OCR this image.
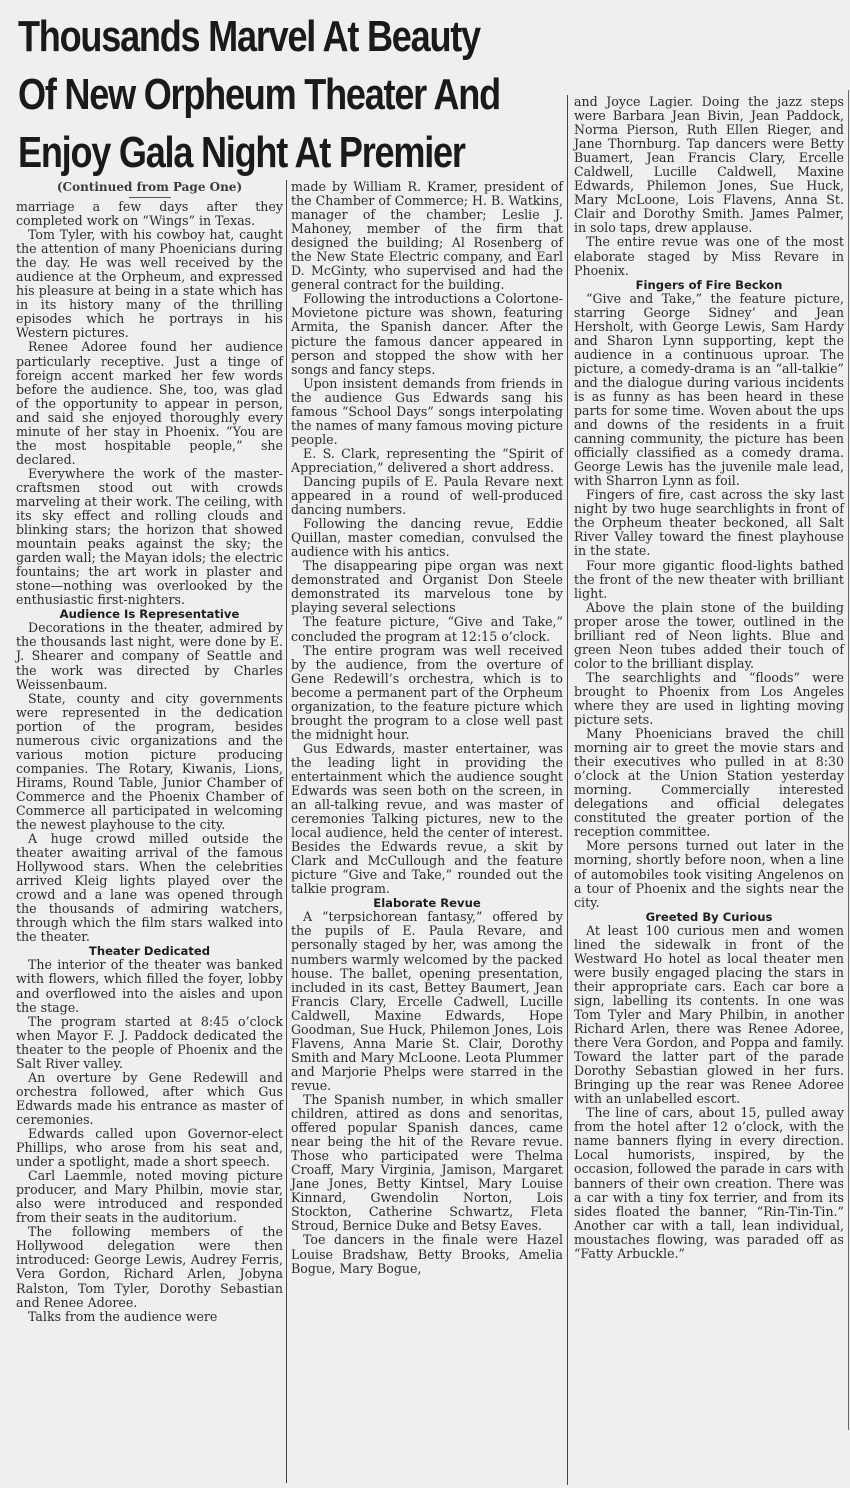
Thousands Marvel At Beauty
Of New Orpheum Theater And
Enjoy Gala Night At Premier
(Continued from Page One)

marriage a few days after they completed work on “Wings” in Texas.

Tom Tyler, with his cowboy hat, caught the attention of many Phoenicians during the day. He was well received by the audience at the Orpheum, and expressed his pleasure at being in a state which has in its history many of the thrilling episodes which he portrays in his Western pictures.

Renee Adoree found her audience particularly receptive. Just a tinge of foreign accent marked her few words before the audience. She, too, was glad of the opportunity to appear in person, and said she enjoyed thoroughly every minute of her stay in Phoenix. “You are the most hospitable people,” she declared.

Everywhere the work of the master-craftsmen stood out with crowds marveling at their work. The ceiling, with its sky effect and rolling clouds and blinking stars; the horizon that showed mountain peaks against the sky; the garden wall; the Mayan idols; the electric fountains; the art work in plaster and stone—nothing was overlooked by the enthusiastic first-nighters.

Audience Is Representative

Decorations in the theater, admired by the thousands last night, were done by E. J. Shearer and company of Seattle and the work was directed by Charles Weissenbaum.

State, county and city governments were represented in the dedication portion of the program, besides numerous civic organizations and the various motion picture producing companies. The Rotary, Kiwanis, Lions, Hirams, Round Table, Junior Chamber of Commerce and the Phoenix Chamber of Commerce all participated in welcoming the newest playhouse to the city.

A huge crowd milled outside the theater awaiting arrival of the famous Hollywood stars. When the celebrities arrived Kleig lights played over the crowd and a lane was opened through the thousands of admiring watchers, through which the film stars walked into the theater.

Theater Dedicated

The interior of the theater was banked with flowers, which filled the foyer, lobby and overflowed into the aisles and upon the stage.

The program started at 8:45 o’clock when Mayor F. J. Paddock dedicated the theater to the people of Phoenix and the Salt River valley.

An overture by Gene Redewill and orchestra followed, after which Gus Edwards made his entrance as master of ceremonies.

Edwards called upon Governor-elect Phillips, who arose from his seat and, under a spotlight, made a short speech.

Carl Laemmle, noted moving picture producer, and Mary Philbin, movie star, also were introduced and responded from their seats in the auditorium.

The following members of the Hollywood delegation were then introduced: George Lewis, Audrey Ferris, Vera Gordon, Richard Arlen, Jobyna Ralston, Tom Tyler, Dorothy Sebastian and Renee Adoree.

Talks from the audience were

made by William R. Kramer, president of the Chamber of Commerce; H. B. Watkins, manager of the chamber; Leslie J. Mahoney, member of the firm that designed the building; Al Rosenberg of the New State Electric company, and Earl D. McGinty, who supervised and had the general contract for the building.

Following the introductions a Colortone-Movietone picture was shown, featuring Armita, the Spanish dancer. After the picture the famous dancer appeared in person and stopped the show with her songs and fancy steps.

Upon insistent demands from friends in the audience Gus Edwards sang his famous “School Days” songs interpolating the names of many famous moving picture people.

E. S. Clark, representing the “Spirit of Appreciation,” delivered a short address.

Dancing pupils of E. Paula Revare next appeared in a round of well-produced dancing numbers.

Following the dancing revue, Eddie Quillan, master comedian, convulsed the audience with his antics.

The disappearing pipe organ was next demonstrated and Organist Don Steele demonstrated its marvelous tone by playing several selections

The feature picture, “Give and Take,” concluded the program at 12:15 o’clock.

The entire program was well received by the audience, from the overture of Gene Redewill’s orchestra, which is to become a permanent part of the Orpheum organization, to the feature picture which brought the program to a close well past the midnight hour.

Gus Edwards, master entertainer, was the leading light in providing the entertainment which the audience sought Edwards was seen both on the screen, in an all-talking revue, and was master of ceremonies Talking pictures, new to the local audience, held the center of interest. Besides the Edwards revue, a skit by Clark and McCullough and the feature picture “Give and Take,” rounded out the talkie program.

Elaborate Revue

A “terpsichorean fantasy,” offered by the pupils of E. Paula Revare, and personally staged by her, was among the numbers warmly welcomed by the packed house. The ballet, opening presentation, included in its cast, Bettey Baumert, Jean Francis Clary, Ercelle Cadwell, Lucille Caldwell, Maxine Edwards, Hope Goodman, Sue Huck, Philemon Jones, Lois Flavens, Anna Marie St. Clair, Dorothy Smith and Mary McLoone. Leota Plummer and Marjorie Phelps were starred in the revue.

The Spanish number, in which smaller children, attired as dons and senoritas, offered popular Spanish dances, came near being the hit of the Revare revue. Those who participated were Thelma Croaff, Mary Virginia, Jamison, Margaret Jane Jones, Betty Kintsel, Mary Louise Kinnard, Gwendolin Norton, Lois Stockton, Catherine Schwartz, Fleta Stroud, Bernice Duke and Betsy Eaves.

Toe dancers in the finale were Hazel Louise Bradshaw, Betty Brooks, Amelia Bogue, Mary Bogue,

and Joyce Lagier. Doing the jazz steps were Barbara Jean Bivin, Jean Paddock, Norma Pierson, Ruth Ellen Rieger, and Jane Thornburg. Tap dancers were Betty Buamert, Jean Francis Clary, Ercelle Caldwell, Lucille Caldwell, Maxine Edwards, Philemon Jones, Sue Huck, Mary McLoone, Lois Flavens, Anna St. Clair and Dorothy Smith. James Palmer, in solo taps, drew applause.

The entire revue was one of the most elaborate staged by Miss Revare in Phoenix.

Fingers of Fire Beckon

“Give and Take,” the feature picture, starring George Sidney’ and Jean Hersholt, with George Lewis, Sam Hardy and Sharon Lynn supporting, kept the audience in a continuous uproar. The picture, a comedy-drama is an “all-talkie” and the dialogue during various incidents is as funny as has been heard in these parts for some time. Woven about the ups and downs of the residents in a fruit canning community, the picture has been officially classified as a comedy drama. George Lewis has the juvenile male lead, with Sharron Lynn as foil.

Fingers of fire, cast across the sky last night by two huge searchlights in front of the Orpheum theater beckoned, all Salt River Valley toward the finest playhouse in the state.

Four more gigantic flood-lights bathed the front of the new theater with brilliant light.

Above the plain stone of the building proper arose the tower, outlined in the brilliant red of Neon lights. Blue and green Neon tubes added their touch of color to the brilliant display.

The searchlights and “floods” were brought to Phoenix from Los Angeles where they are used in lighting moving picture sets.

Many Phoenicians braved the chill morning air to greet the movie stars and their executives who pulled in at 8:30 o’clock at the Union Station yesterday morning. Commercially interested delegations and official delegates constituted the greater portion of the reception committee.

More persons turned out later in the morning, shortly before noon, when a line of automobiles took visiting Angelenos on a tour of Phoenix and the sights near the city.

Greeted By Curious

At least 100 curious men and women lined the sidewalk in front of the Westward Ho hotel as local theater men were busily engaged placing the stars in their appropriate cars. Each car bore a sign, labelling its contents. In one was Tom Tyler and Mary Philbin, in another Richard Arlen, there was Renee Adoree, there Vera Gordon, and Poppa and family. Toward the latter part of the parade Dorothy Sebastian glowed in her furs. Bringing up the rear was Renee Adoree with an unlabelled escort.

The line of cars, about 15, pulled away from the hotel after 12 o’clock, with the name banners flying in every direction. Local humorists, inspired, by the occasion, followed the parade in cars with banners of their own creation. There was a car with a tiny fox terrier, and from its sides floated the banner, “Rin-Tin-Tin.” Another car with a tall, lean individual, moustaches flowing, was paraded off as “Fatty Arbuckle.”
